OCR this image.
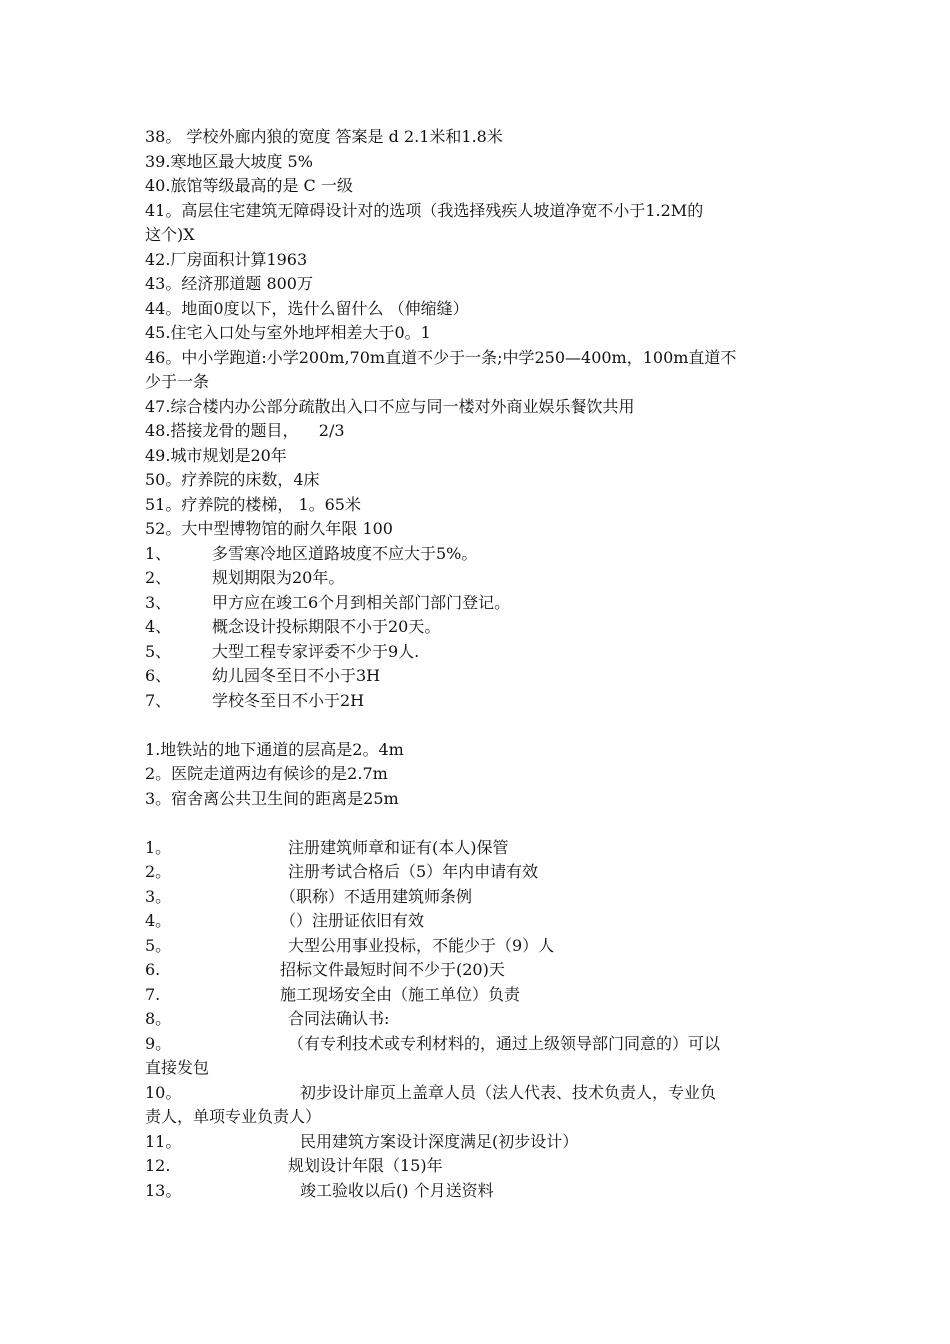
38。 学校外廊内狼的宽度 答案是 d 2.1米和1.8米
39.寒地区最大坡度 5%
40.旅馆等级最高的是 C 一级
41。高层住宅建筑无障碍设计对的选项（我选择残疾人坡道净宽不小于1.2M的
这个)X
42.厂房面积计算1963
43。经济那道题 800万
44。地面0度以下，选什么留什么 （伸缩缝）
45.住宅入口处与室外地坪相差大于0。1
46。中小学跑道:小学200m,70m直道不少于一条;中学250—400m，100m直道不
少于一条
47.综合楼内办公部分疏散出入口不应与同一楼对外商业娱乐餐饮共用
48.搭接龙骨的题目，    2/3
49.城市规划是20年
50。疗养院的床数，4床
51。疗养院的楼梯， 1。65米
52。大中型博物馆的耐久年限 100
1、	多雪寒冷地区道路坡度不应大于5%。
2、	规划期限为20年。
3、	甲方应在竣工6个月到相关部门部门登记。
4、	概念设计投标期限不小于20天。
5、	大型工程专家评委不少于9人.
6、	幼儿园冬至日不小于3H
7、	学校冬至日不小于2H
1.地铁站的地下通道的层高是2。4m
2。医院走道两边有候诊的是2.7m
3。宿舍离公共卫生间的距离是25m
1。	注册建筑师章和证有(本人)保管
2。	注册考试合格后（5）年内申请有效
3。	（职称）不适用建筑师条例
4。	（）注册证依旧有效
5。	大型公用事业投标，不能少于（9）人
6.	招标文件最短时间不少于(20)天
7.	施工现场安全由（施工单位）负责
8。	合同法确认书:
9。	（有专利技术或专利材料的，通过上级领导部门同意的）可以
直接发包
10。	初步设计扉页上盖章人员（法人代表、技术负责人，专业负
责人，单项专业负责人）
11。	民用建筑方案设计深度满足(初步设计）
12.	规划设计年限（15)年
13。	竣工验收以后() 个月送资料
